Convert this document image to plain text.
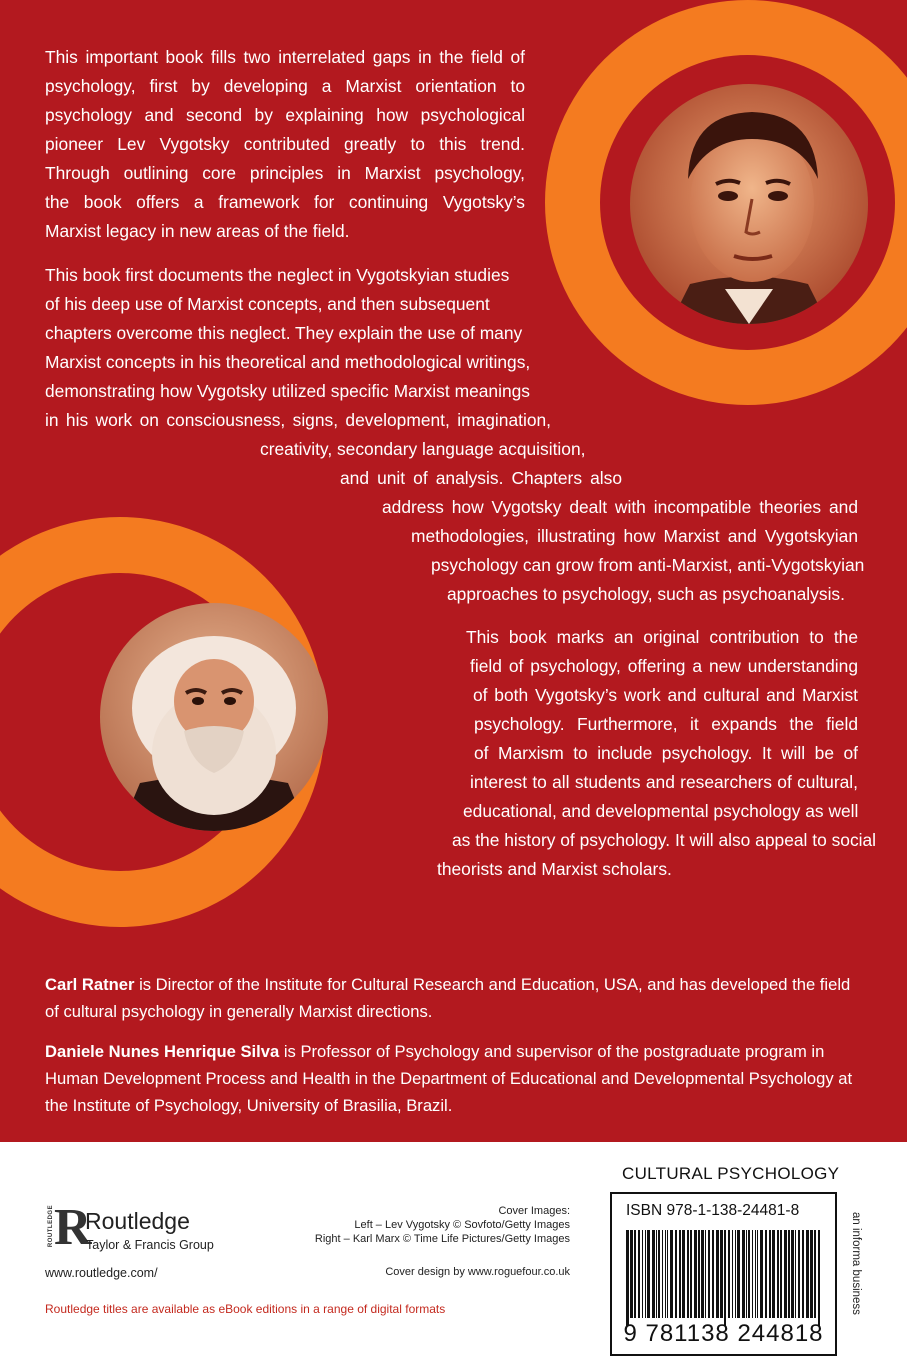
This important book fills two interrelated gaps in the field of
psychology, first by developing a Marxist orientation to
psychology and second by explaining how psychological
pioneer Lev Vygotsky contributed greatly to this trend.
Through outlining core principles in Marxist psychology,
the book offers a framework for continuing Vygotsky’s
Marxist legacy in new areas of the field.
This book first documents the neglect in Vygotskyian studies
of his deep use of Marxist concepts, and then subsequent
chapters overcome this neglect. They explain the use of many
Marxist concepts in his theoretical and methodological writings,
demonstrating how Vygotsky utilized specific Marxist meanings
in his work on consciousness, signs, development, imagination,
creativity, secondary language acquisition,
and unit of analysis. Chapters also
address how Vygotsky dealt with incompatible theories and
methodologies, illustrating how Marxist and Vygotskyian
psychology can grow from anti-Marxist, anti-Vygotskyian
approaches to psychology, such as psychoanalysis.
This book marks an original contribution to the
field of psychology, offering a new understanding
of both Vygotsky’s work and cultural and Marxist
psychology. Furthermore, it expands the field
of Marxism to include psychology. It will be of
interest to all students and researchers of cultural,
educational, and developmental psychology as well
as the history of psychology. It will also appeal to social
theorists and Marxist scholars.

Carl Ratner is Director of the Institute for Cultural Research and Education, USA, and has developed the field of cultural psychology in generally Marxist directions.

Daniele Nunes Henrique Silva is Professor of Psychology and supervisor of the postgraduate program in Human Development Process and Health in the Department of Educational and Developmental Psychology at the Institute of Psychology, University of Brasilia, Brazil.

ROUTLEDGE R
Routledge
Taylor & Francis Group
www.routledge.com/
Routledge titles are available as eBook editions in a range of digital formats
Cover Images:
Left – Lev Vygotsky © Sovfoto/Getty Images
Right – Karl Marx © Time Life Pictures/Getty Images
Cover design by www.roguefour.co.uk
CULTURAL PSYCHOLOGY
ISBN 978-1-138-24481-8
9 781138 244818
an informa business
